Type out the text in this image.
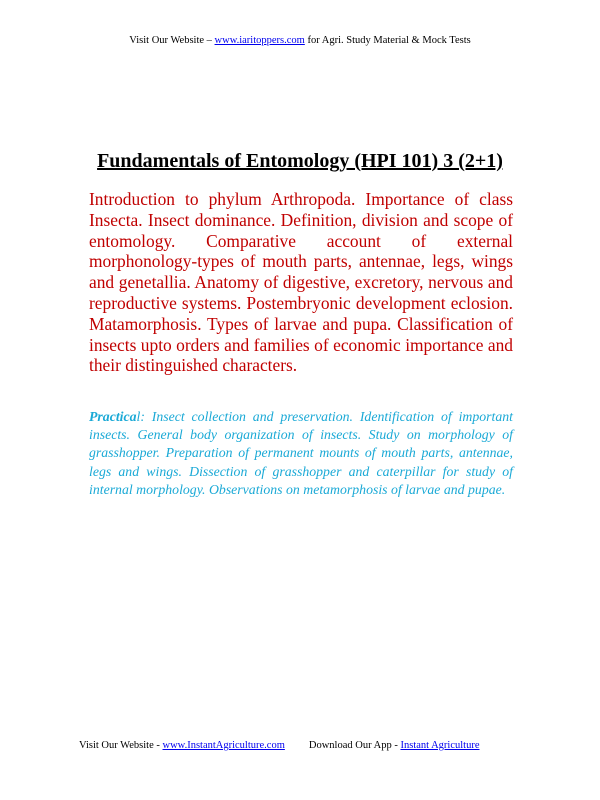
Visit Our Website – www.iaritoppers.com for Agri. Study Material & Mock Tests
Fundamentals of Entomology (HPI 101) 3 (2+1)

Introduction to phylum Arthropoda. Importance of class Insecta. Insect dominance. Definition, division and scope of entomology. Comparative account of external morphonology-types of mouth parts, antennae, legs, wings and genetallia. Anatomy of digestive, excretory, nervous and reproductive systems. Postembryonic development eclosion. Matamorphosis. Types of larvae and pupa. Classification of insects upto orders and families of economic importance and their distinguished characters.

Practical: Insect collection and preservation. Identification of important insects. General body organization of insects. Study on morphology of grasshopper. Preparation of permanent mounts of mouth parts, antennae, legs and wings. Dissection of grasshopper and caterpillar for study of internal morphology. Observations on metamorphosis of larvae and pupae.

Visit Our Website - www.InstantAgriculture.com Download Our App - Instant Agriculture
